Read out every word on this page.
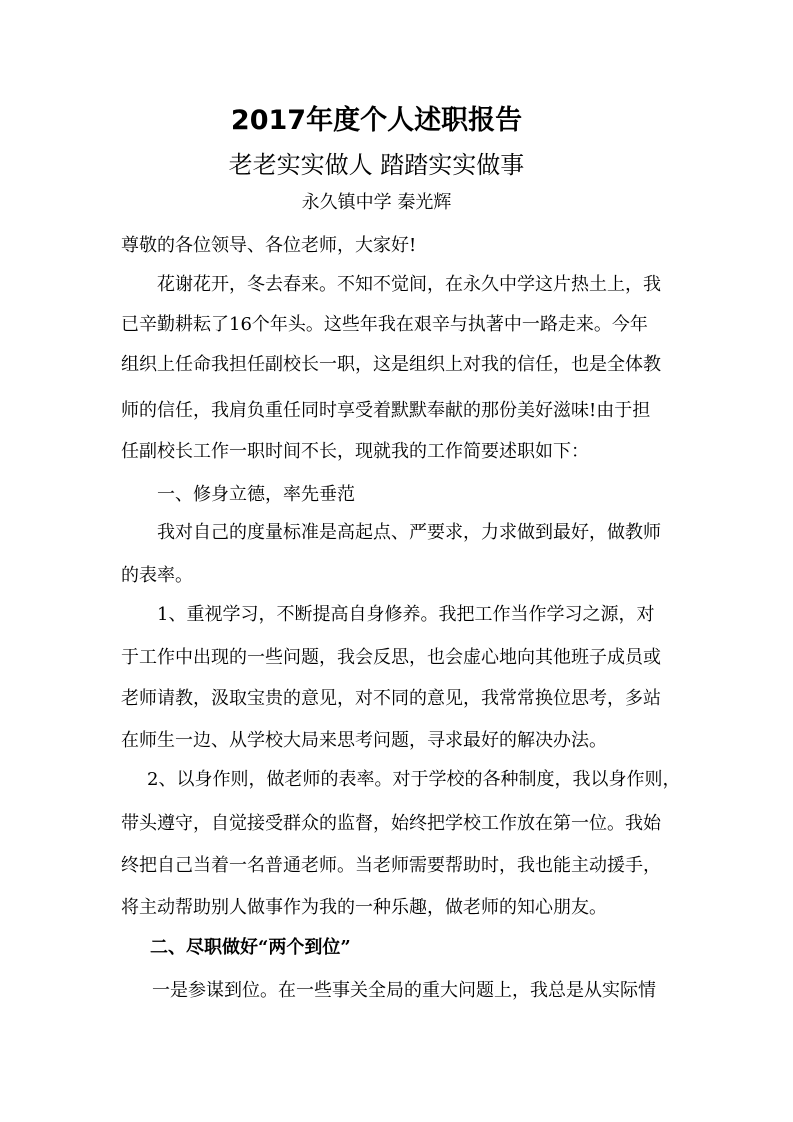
2017年度个人述职报告
老老实实做人 踏踏实实做事
永久镇中学 秦光辉
尊敬的各位领导、各位老师，大家好!
花谢花开，冬去春来。不知不觉间，在永久中学这片热土上，我
已辛勤耕耘了16个年头。这些年我在艰辛与执著中一路走来。今年
组织上任命我担任副校长一职，这是组织上对我的信任，也是全体教
师的信任，我肩负重任同时享受着默默奉献的那份美好滋味!由于担
任副校长工作一职时间不长，现就我的工作简要述职如下：
一、修身立德，率先垂范
我对自己的度量标准是高起点、严要求，力求做到最好，做教师
的表率。
1、重视学习，不断提高自身修养。我把工作当作学习之源，对
于工作中出现的一些问题，我会反思，也会虚心地向其他班子成员或
老师请教，汲取宝贵的意见，对不同的意见，我常常换位思考，多站
在师生一边、从学校大局来思考问题，寻求最好的解决办法。
2、以身作则，做老师的表率。对于学校的各种制度，我以身作则，
带头遵守，自觉接受群众的监督，始终把学校工作放在第一位。我始
终把自己当着一名普通老师。当老师需要帮助时，我也能主动援手，
将主动帮助别人做事作为我的一种乐趣，做老师的知心朋友。
二、尽职做好“两个到位”
一是参谋到位。在一些事关全局的重大问题上，我总是从实际情
